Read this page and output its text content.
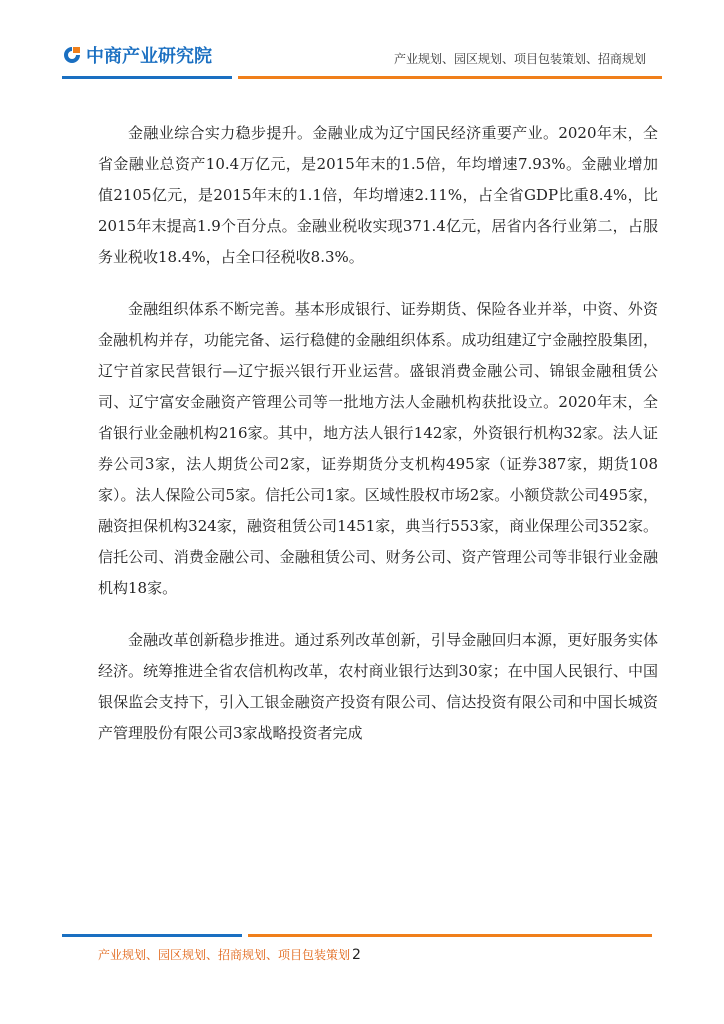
中商产业研究院	产业规划、园区规划、项目包装策划、招商规划

金融业综合实力稳步提升。金融业成为辽宁国民经济重要产业。2020年末，全省金融业总资产10.4万亿元，是2015年末的1.5倍，年均增速7.93%。金融业增加值2105亿元，是2015年末的1.1倍，年均增速2.11%，占全省GDP比重8.4%，比2015年末提高1.9个百分点。金融业税收实现371.4亿元，居省内各行业第二，占服务业税收18.4%，占全口径税收8.3%。

金融组织体系不断完善。基本形成银行、证券期货、保险各业并举，中资、外资金融机构并存，功能完备、运行稳健的金融组织体系。成功组建辽宁金融控股集团，辽宁首家民营银行—辽宁振兴银行开业运营。盛银消费金融公司、锦银金融租赁公司、辽宁富安金融资产管理公司等一批地方法人金融机构获批设立。2020年末，全省银行业金融机构216家。其中，地方法人银行142家，外资银行机构32家。法人证券公司3家，法人期货公司2家，证券期货分支机构495家（证券387家，期货108家）。法人保险公司5家。信托公司1家。区域性股权市场2家。小额贷款公司495家，融资担保机构324家，融资租赁公司1451家，典当行553家，商业保理公司352家。信托公司、消费金融公司、金融租赁公司、财务公司、资产管理公司等非银行业金融机构18家。

金融改革创新稳步推进。通过系列改革创新，引导金融回归本源，更好服务实体经济。统筹推进全省农信机构改革，农村商业银行达到30家；在中国人民银行、中国银保监会支持下，引入工银金融资产投资有限公司、信达投资有限公司和中国长城资产管理股份有限公司3家战略投资者完成

产业规划、园区规划、招商规划、项目包装策划 2
